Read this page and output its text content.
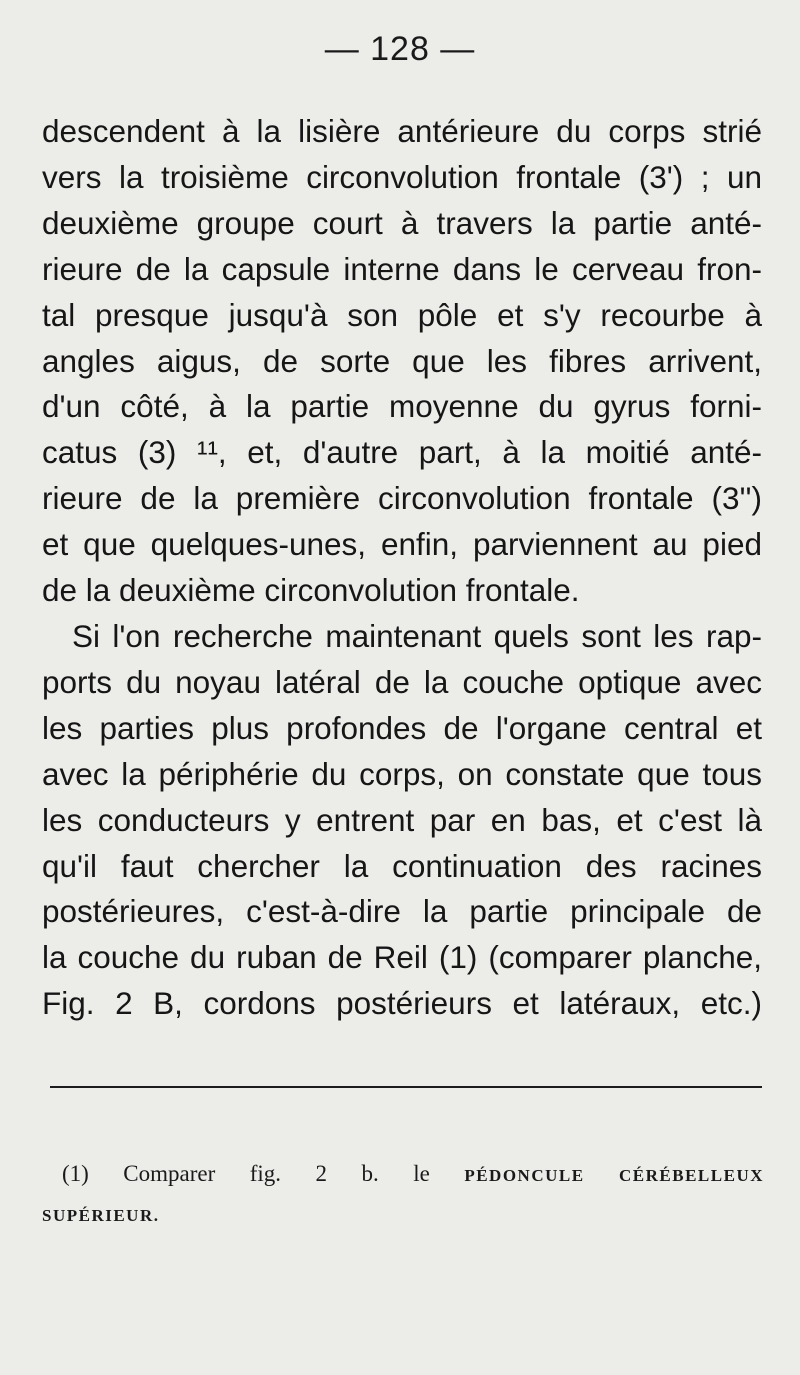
— 128 —
descendent à la lisière antérieure du corps strié
vers la troisième circonvolution frontale (3') ; un
deuxième groupe court à travers la partie anté-
rieure de la capsule interne dans le cerveau fron-
tal presque jusqu'à son pôle et s'y recourbe à
angles aigus, de sorte que les fibres arrivent,
d'un côté, à la partie moyenne du gyrus forni-
catus (3) ¹¹, et, d'autre part, à la moitié anté-
rieure de la première circonvolution frontale (3'')
et que quelques-unes, enfin, parviennent au pied
de la deuxième circonvolution frontale.
Si l'on recherche maintenant quels sont les rap-
ports du noyau latéral de la couche optique avec
les parties plus profondes de l'organe central et
avec la périphérie du corps, on constate que tous
les conducteurs y entrent par en bas, et c'est là
qu'il faut chercher la continuation des racines
postérieures, c'est-à-dire la partie principale de
la couche du ruban de Reil (1) (comparer planche,
Fig. 2 B, cordons postérieurs et latéraux, etc.)
(1) Comparer fig. 2 b. le PÉDONCULE CÉRÉBELLEUX
SUPÉRIEUR.
